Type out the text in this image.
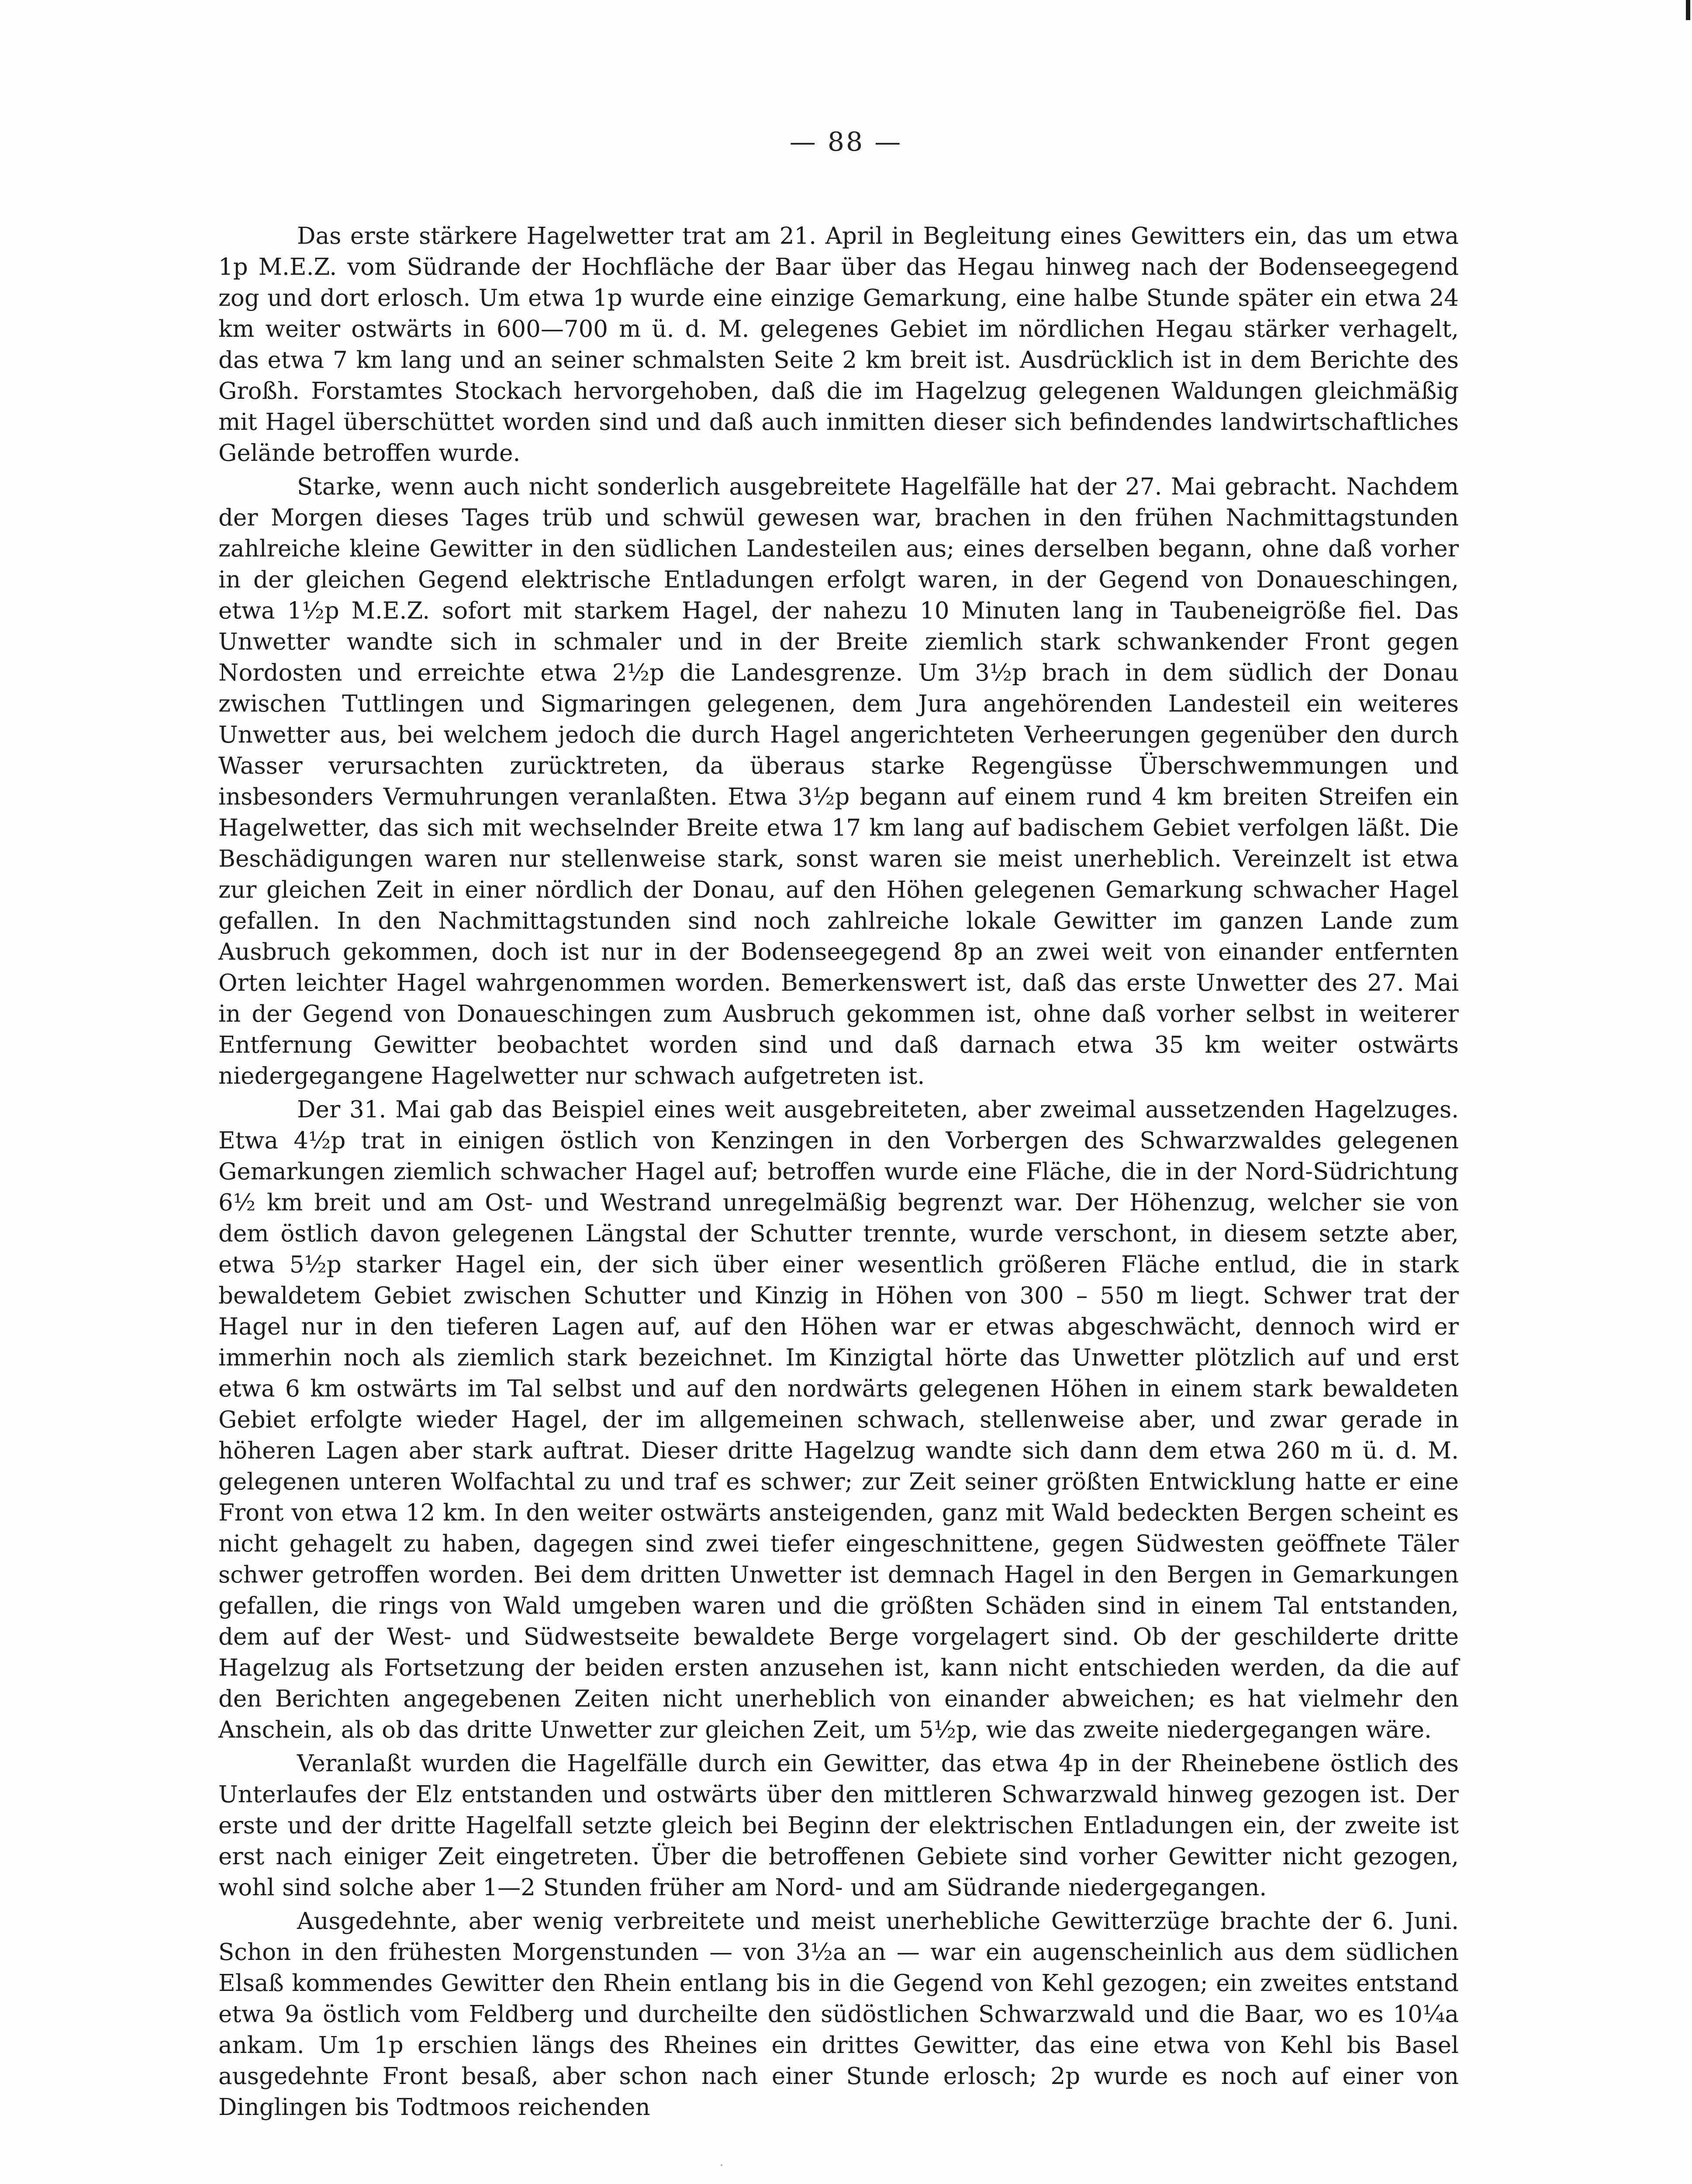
— 88 —

Das erste stärkere Hagelwetter trat am 21. April in Begleitung eines Gewitters ein, das um etwa 1p M.E.Z. vom Südrande der Hochfläche der Baar über das Hegau hinweg nach der Bodenseegegend zog und dort erlosch. Um etwa 1p wurde eine einzige Gemarkung, eine halbe Stunde später ein etwa 24 km weiter ostwärts in 600—700 m ü. d. M. gelegenes Gebiet im nördlichen Hegau stärker verhagelt, das etwa 7 km lang und an seiner schmalsten Seite 2 km breit ist. Ausdrücklich ist in dem Berichte des Großh. Forstamtes Stockach hervorgehoben, daß die im Hagelzug gelegenen Waldungen gleichmäßig mit Hagel überschüttet worden sind und daß auch inmitten dieser sich befindendes landwirtschaftliches Gelände betroffen wurde.

Starke, wenn auch nicht sonderlich ausgebreitete Hagelfälle hat der 27. Mai gebracht. Nachdem der Morgen dieses Tages trüb und schwül gewesen war, brachen in den frühen Nachmittagstunden zahlreiche kleine Gewitter in den südlichen Landesteilen aus; eines derselben begann, ohne daß vorher in der gleichen Gegend elektrische Entladungen erfolgt waren, in der Gegend von Donaueschingen, etwa 1½p M.E.Z. sofort mit starkem Hagel, der nahezu 10 Minuten lang in Taubeneigröße fiel. Das Unwetter wandte sich in schmaler und in der Breite ziemlich stark schwankender Front gegen Nordosten und erreichte etwa 2½p die Landesgrenze. Um 3½p brach in dem südlich der Donau zwischen Tuttlingen und Sigmaringen gelegenen, dem Jura angehörenden Landesteil ein weiteres Unwetter aus, bei welchem jedoch die durch Hagel angerichteten Verheerungen gegenüber den durch Wasser verursachten zurücktreten, da überaus starke Regengüsse Überschwemmungen und insbesonders Vermuhrungen veranlaßten. Etwa 3½p begann auf einem rund 4 km breiten Streifen ein Hagelwetter, das sich mit wechselnder Breite etwa 17 km lang auf badischem Gebiet verfolgen läßt. Die Beschädigungen waren nur stellenweise stark, sonst waren sie meist unerheblich. Vereinzelt ist etwa zur gleichen Zeit in einer nördlich der Donau, auf den Höhen gelegenen Gemarkung schwacher Hagel gefallen. In den Nachmittagstunden sind noch zahlreiche lokale Gewitter im ganzen Lande zum Ausbruch gekommen, doch ist nur in der Bodenseegegend 8p an zwei weit von einander entfernten Orten leichter Hagel wahrgenommen worden. Bemerkenswert ist, daß das erste Unwetter des 27. Mai in der Gegend von Donaueschingen zum Ausbruch gekommen ist, ohne daß vorher selbst in weiterer Entfernung Gewitter beobachtet worden sind und daß darnach etwa 35 km weiter ostwärts niedergegangene Hagelwetter nur schwach aufgetreten ist.

Der 31. Mai gab das Beispiel eines weit ausgebreiteten, aber zweimal aussetzenden Hagelzuges. Etwa 4½p trat in einigen östlich von Kenzingen in den Vorbergen des Schwarzwaldes gelegenen Gemarkungen ziemlich schwacher Hagel auf; betroffen wurde eine Fläche, die in der Nord-Südrichtung 6½ km breit und am Ost- und Westrand unregelmäßig begrenzt war. Der Höhenzug, welcher sie von dem östlich davon gelegenen Längstal der Schutter trennte, wurde verschont, in diesem setzte aber, etwa 5½p starker Hagel ein, der sich über einer wesentlich größeren Fläche entlud, die in stark bewaldetem Gebiet zwischen Schutter und Kinzig in Höhen von 300 – 550 m liegt. Schwer trat der Hagel nur in den tieferen Lagen auf, auf den Höhen war er etwas abgeschwächt, dennoch wird er immerhin noch als ziemlich stark bezeichnet. Im Kinzigtal hörte das Unwetter plötzlich auf und erst etwa 6 km ostwärts im Tal selbst und auf den nordwärts gelegenen Höhen in einem stark bewaldeten Gebiet erfolgte wieder Hagel, der im allgemeinen schwach, stellenweise aber, und zwar gerade in höheren Lagen aber stark auftrat. Dieser dritte Hagelzug wandte sich dann dem etwa 260 m ü. d. M. gelegenen unteren Wolfachtal zu und traf es schwer; zur Zeit seiner größten Entwicklung hatte er eine Front von etwa 12 km. In den weiter ostwärts ansteigenden, ganz mit Wald bedeckten Bergen scheint es nicht gehagelt zu haben, dagegen sind zwei tiefer eingeschnittene, gegen Südwesten geöffnete Täler schwer getroffen worden. Bei dem dritten Unwetter ist demnach Hagel in den Bergen in Gemarkungen gefallen, die rings von Wald umgeben waren und die größten Schäden sind in einem Tal entstanden, dem auf der West- und Südwestseite bewaldete Berge vorgelagert sind. Ob der geschilderte dritte Hagelzug als Fortsetzung der beiden ersten anzusehen ist, kann nicht entschieden werden, da die auf den Berichten angegebenen Zeiten nicht unerheblich von einander abweichen; es hat vielmehr den Anschein, als ob das dritte Unwetter zur gleichen Zeit, um 5½p, wie das zweite niedergegangen wäre.

Veranlaßt wurden die Hagelfälle durch ein Gewitter, das etwa 4p in der Rheinebene östlich des Unterlaufes der Elz entstanden und ostwärts über den mittleren Schwarzwald hinweg gezogen ist. Der erste und der dritte Hagelfall setzte gleich bei Beginn der elektrischen Entladungen ein, der zweite ist erst nach einiger Zeit eingetreten. Über die betroffenen Gebiete sind vorher Gewitter nicht gezogen, wohl sind solche aber 1—2 Stunden früher am Nord- und am Südrande niedergegangen.

Ausgedehnte, aber wenig verbreitete und meist unerhebliche Gewitterzüge brachte der 6. Juni. Schon in den frühesten Morgenstunden — von 3½a an — war ein augenscheinlich aus dem südlichen Elsaß kommendes Gewitter den Rhein entlang bis in die Gegend von Kehl gezogen; ein zweites entstand etwa 9a östlich vom Feldberg und durcheilte den südöstlichen Schwarzwald und die Baar, wo es 10¼a ankam. Um 1p erschien längs des Rheines ein drittes Gewitter, das eine etwa von Kehl bis Basel ausgedehnte Front besaß, aber schon nach einer Stunde erlosch; 2p wurde es noch auf einer von Dinglingen bis Todtmoos reichenden
